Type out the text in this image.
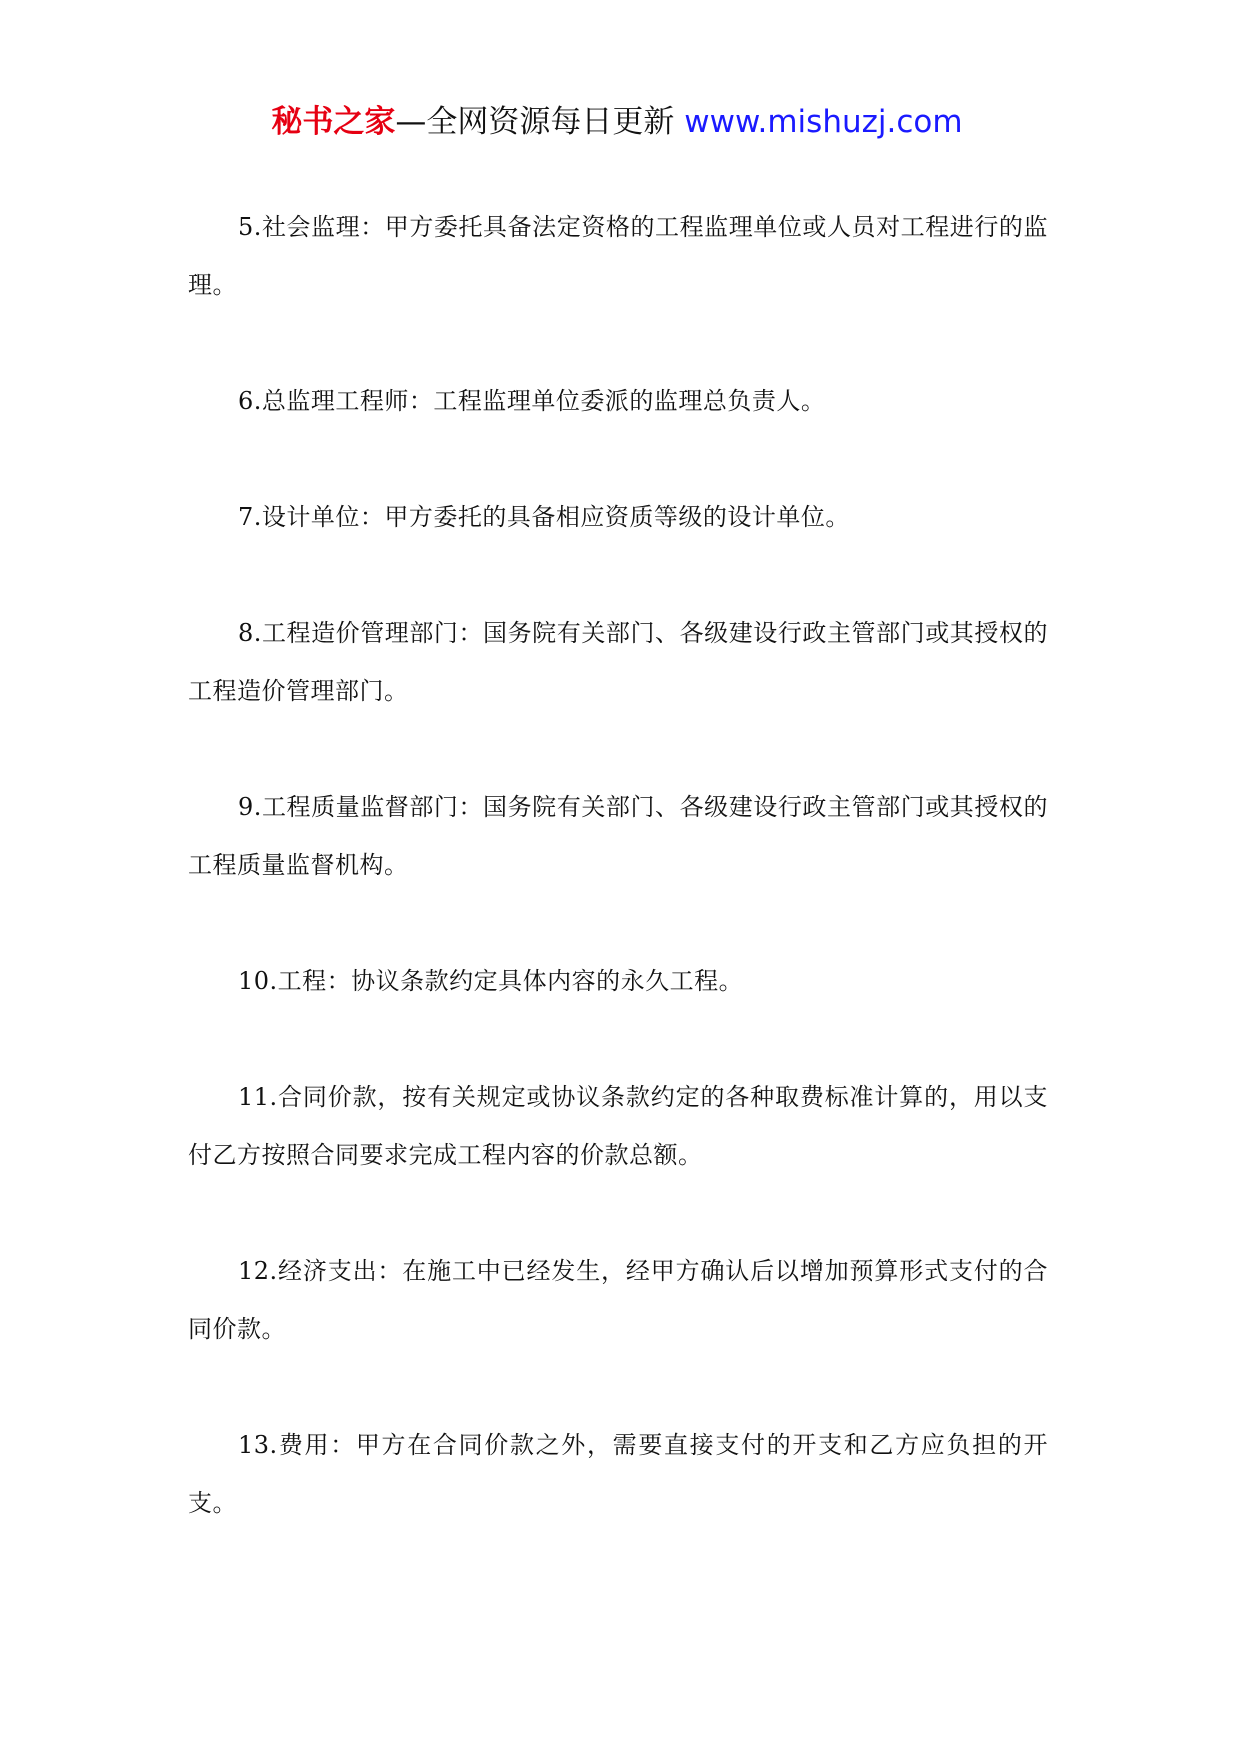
秘书之家—全网资源每日更新 www.mishuzj.com

5.社会监理：甲方委托具备法定资格的工程监理单位或人员对工程进行的监理。

6.总监理工程师：工程监理单位委派的监理总负责人。

7.设计单位：甲方委托的具备相应资质等级的设计单位。

8.工程造价管理部门：国务院有关部门、各级建设行政主管部门或其授权的工程造价管理部门。

9.工程质量监督部门：国务院有关部门、各级建设行政主管部门或其授权的工程质量监督机构。

10.工程：协议条款约定具体内容的永久工程。

11.合同价款，按有关规定或协议条款约定的各种取费标准计算的，用以支付乙方按照合同要求完成工程内容的价款总额。

12.经济支出：在施工中已经发生，经甲方确认后以增加预算形式支付的合同价款。

13.费用：甲方在合同价款之外，需要直接支付的开支和乙方应负担的开支。
